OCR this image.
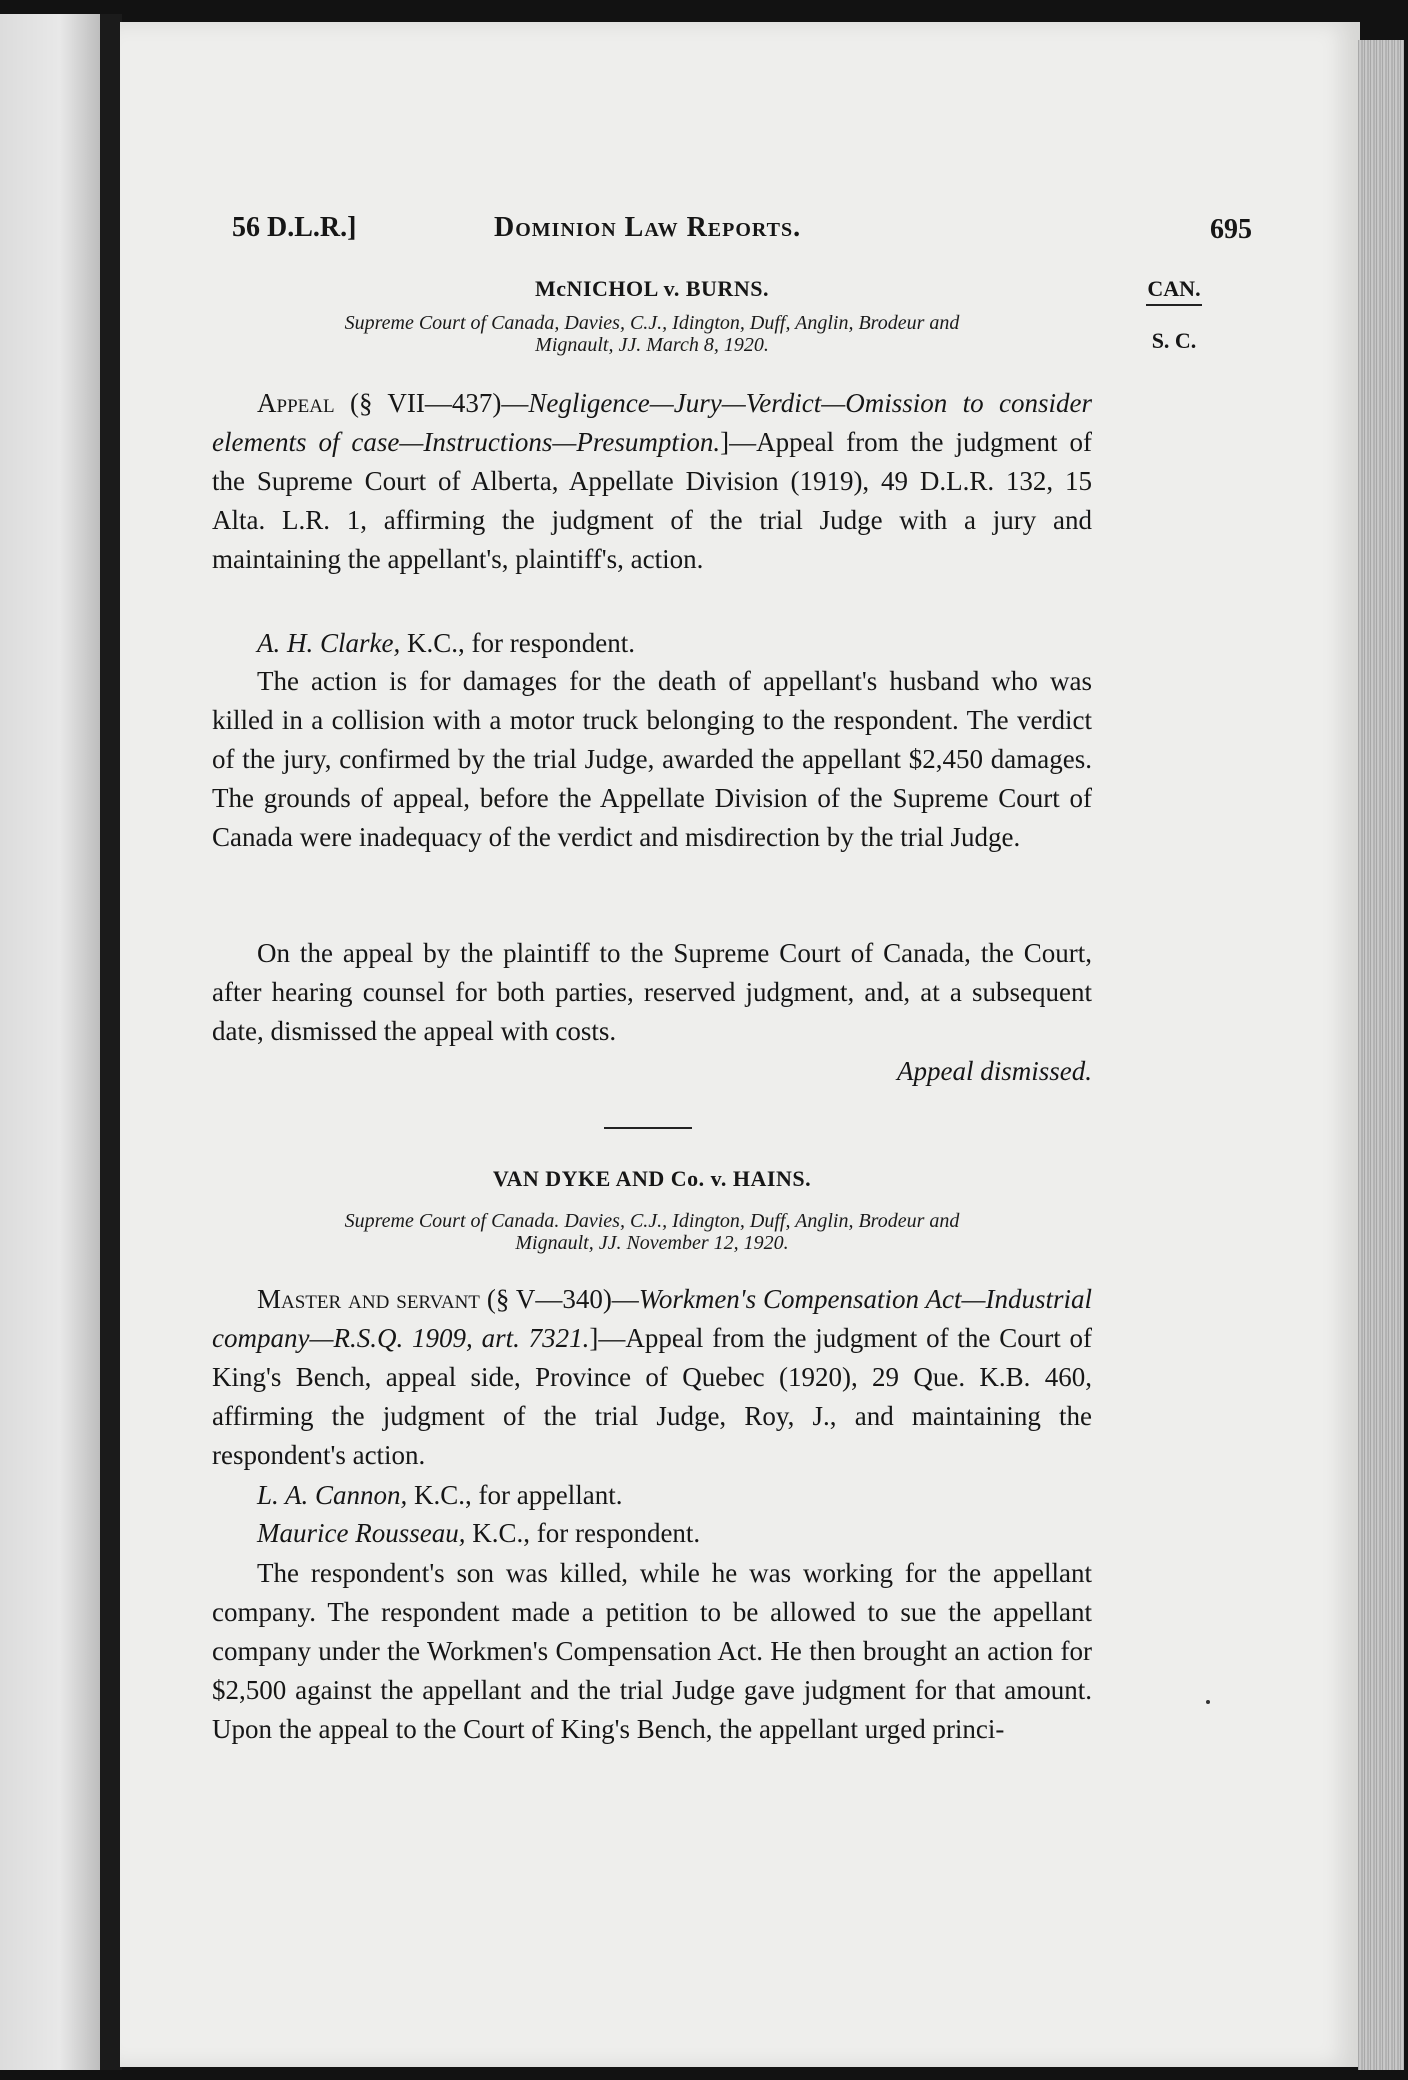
56 D.L.R.]	Dominion Law Reports.	695
CAN.
S. C.
McNICHOL v. BURNS.
Supreme Court of Canada, Davies, C.J., Idington, Duff, Anglin, Brodeur and
Mignault, JJ. March 8, 1920.

Appeal (§ VII—437)—Negligence—Jury—Verdict—Omission to consider elements of case—Instructions—Presumption.]—Appeal from the judgment of the Supreme Court of Alberta, Appellate Division (1919), 49 D.L.R. 132, 15 Alta. L.R. 1, affirming the judgment of the trial Judge with a jury and maintaining the appellant's, plaintiff's, action.

A. H. Clarke, K.C., for respondent.

The action is for damages for the death of appellant's husband who was killed in a collision with a motor truck belonging to the respondent. The verdict of the jury, confirmed by the trial Judge, awarded the appellant $2,450 damages. The grounds of appeal, before the Appellate Division of the Supreme Court of Canada were inadequacy of the verdict and misdirection by the trial Judge.

On the appeal by the plaintiff to the Supreme Court of Canada, the Court, after hearing counsel for both parties, reserved judgment, and, at a subsequent date, dismissed the appeal with costs.

Appeal dismissed.

VAN DYKE AND Co. v. HAINS.
Supreme Court of Canada. Davies, C.J., Idington, Duff, Anglin, Brodeur and
Mignault, JJ. November 12, 1920.

Master and servant (§ V—340)—Workmen's Compensation Act—Industrial company—R.S.Q. 1909, art. 7321.]—Appeal from the judgment of the Court of King's Bench, appeal side, Province of Quebec (1920), 29 Que. K.B. 460, affirming the judgment of the trial Judge, Roy, J., and maintaining the respondent's action.

L. A. Cannon, K.C., for appellant.

Maurice Rousseau, K.C., for respondent.

The respondent's son was killed, while he was working for the appellant company. The respondent made a petition to be allowed to sue the appellant company under the Workmen's Compensation Act. He then brought an action for $2,500 against the appellant and the trial Judge gave judgment for that amount. Upon the appeal to the Court of King's Bench, the appellant urged princi-
